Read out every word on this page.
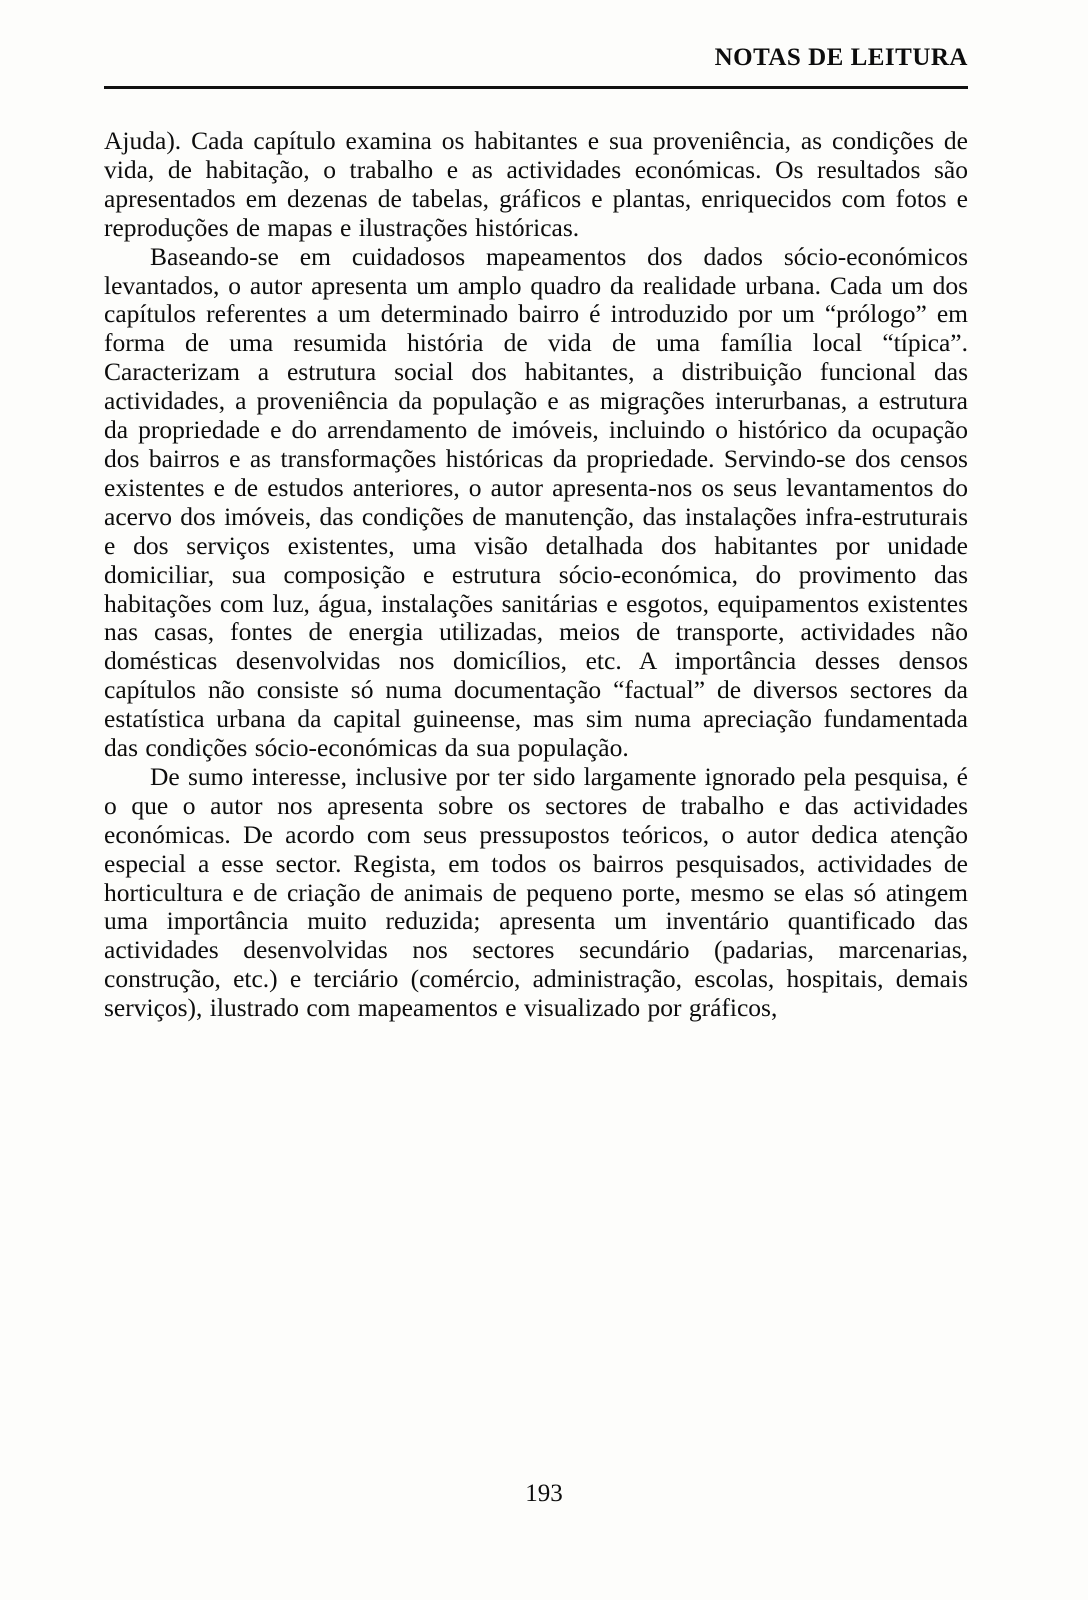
NOTAS DE LEITURA

Ajuda). Cada capítulo examina os habitantes e sua proveniência, as condições de vida, de habitação, o trabalho e as actividades económicas. Os resultados são apresentados em dezenas de tabelas, gráficos e plantas, enriquecidos com fotos e reproduções de mapas e ilustrações históricas.

Baseando-se em cuidadosos mapeamentos dos dados sócio-económicos levantados, o autor apresenta um amplo quadro da realidade urbana. Cada um dos capítulos referentes a um determinado bairro é introduzido por um “prólogo” em forma de uma resumida história de vida de uma família local “típica”. Caracterizam a estrutura social dos habitantes, a distribuição funcional das actividades, a proveniência da população e as migrações interurbanas, a estrutura da propriedade e do arrendamento de imóveis, incluindo o histórico da ocupação dos bairros e as transformações históricas da propriedade. Servindo-se dos censos existentes e de estudos anteriores, o autor apresenta-nos os seus levantamentos do acervo dos imóveis, das condições de manutenção, das instalações infra-estruturais e dos serviços existentes, uma visão detalhada dos habitantes por unidade domiciliar, sua composição e estrutura sócio-económica, do provimento das habitações com luz, água, instalações sanitárias e esgotos, equipamentos existentes nas casas, fontes de energia utilizadas, meios de transporte, actividades não domésticas desenvolvidas nos domicílios, etc. A importância desses densos capítulos não consiste só numa documentação “factual” de diversos sectores da estatística urbana da capital guineense, mas sim numa apreciação fundamentada das condições sócio-económicas da sua população.

De sumo interesse, inclusive por ter sido largamente ignorado pela pesquisa, é o que o autor nos apresenta sobre os sectores de trabalho e das actividades económicas. De acordo com seus pressupostos teóricos, o autor dedica atenção especial a esse sector. Regista, em todos os bairros pesquisados, actividades de horticultura e de criação de animais de pequeno porte, mesmo se elas só atingem uma importância muito reduzida; apresenta um inventário quantificado das actividades desenvolvidas nos sectores secundário (padarias, marcenarias, construção, etc.) e terciário (comércio, administração, escolas, hospitais, demais serviços), ilustrado com mapeamentos e visualizado por gráficos,

193
